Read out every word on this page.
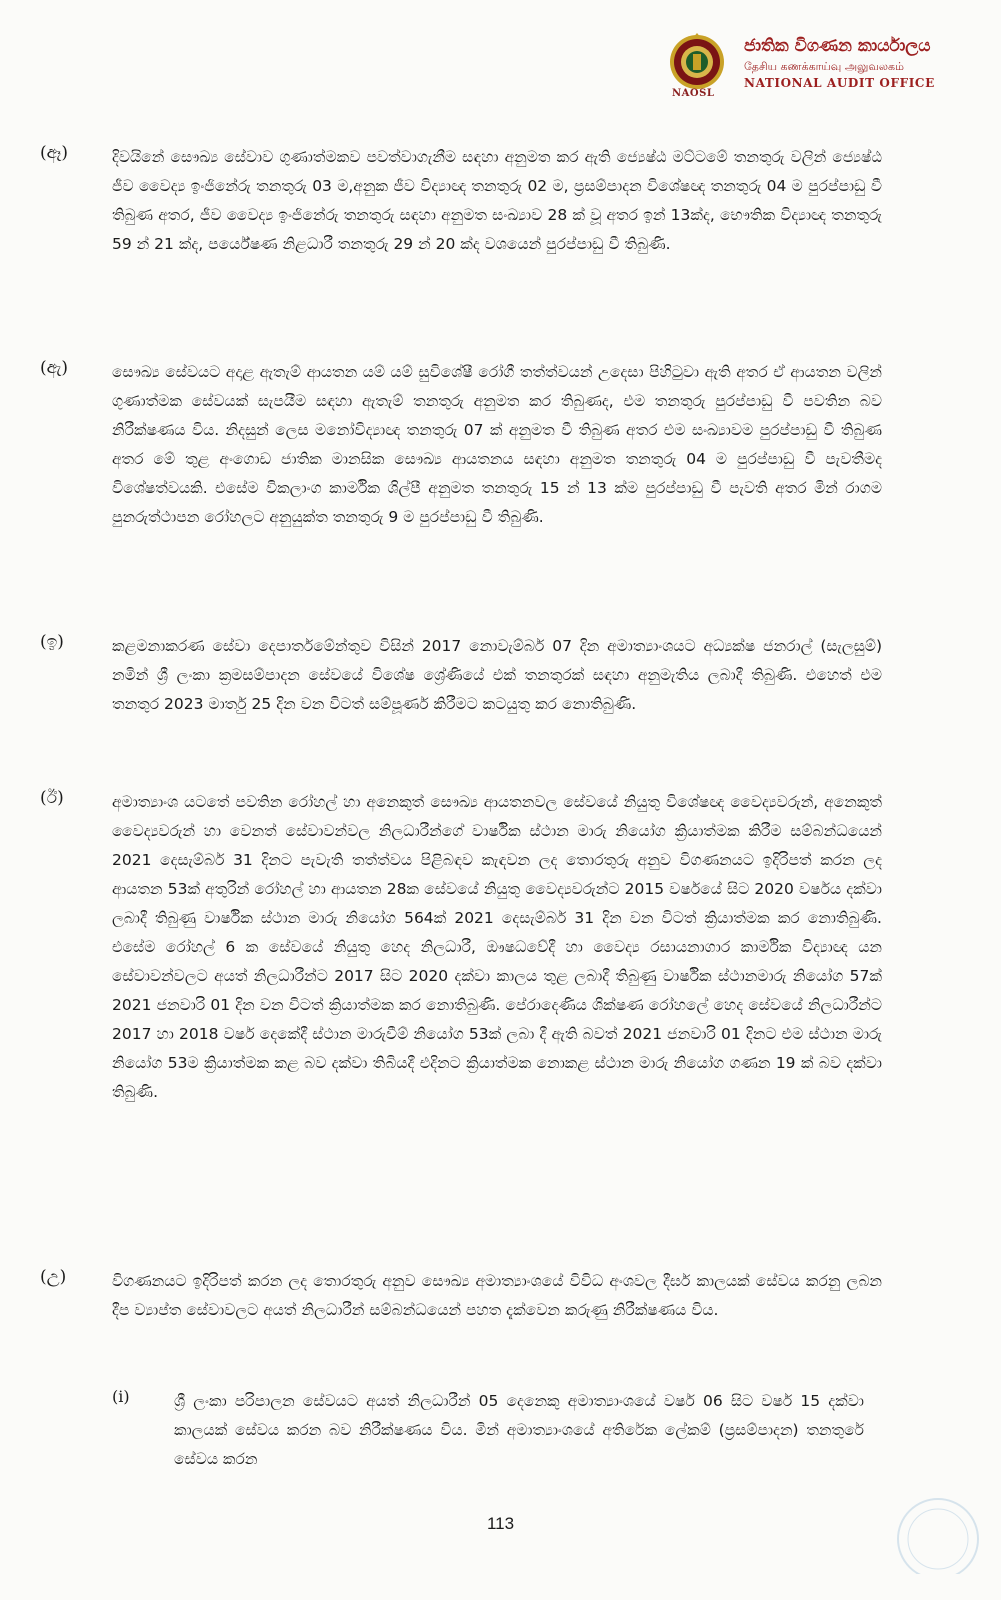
NAOSL
ජාතික විගණන කාර්යාලය
தேசிய கணக்காய்வு அலுவலகம்
NATIONAL AUDIT OFFICE
(ඈ)	දිවයිනේ සෞඛ්‍ය සේවාව ගුණාත්මකව පවත්වාගැනීම සඳහා අනුමත කර ඇති ජ්‍යෙෂ්ඨ මට්ටමේ තනතුරු වලින් ජ්‍යෙෂ්ඨ ජීව වෛද්‍ය ඉංජිනේරු තනතුරු 03 ම,අනුක ජීව විද්‍යාඥ තනතුරු 02 ම, ප්‍රසම්පාදන විශේෂඥ තනතුරු 04 ම පුරප්පාඩු වී තිබුණ අතර, ජීව වෛද්‍ය ඉංජිනේරු තනතුරු සඳහා අනුමත සංඛ්‍යාව 28 ක් වූ අතර ඉන් 13ක්ද, භෞතික විද්‍යාඥ තනතුරු 59 න් 21 ක්ද, පර්යේෂණ නිළධාරී තනතුරු 29 න් 20 ක්ද වශයෙන් පුරප්පාඩු වී තිබුණි.
(ඇ)	සෞඛ්‍ය සේවයට අදාළ ඇතැම් ආයතන යම් යම් සුවිශේෂී රෝගී තත්ත්වයන් උදෙසා පිහිටුවා ඇති අතර ඒ ආයතන වලින් ගුණාත්මක සේවයක් සැපයීම සඳහා ඇතැම් තනතුරු අනුමත කර තිබුණද, එම තනතුරු පුරප්පාඩු වී පවතින බව නිරීක්ෂණය විය. නිදසුන් ලෙස මනෝවිද්‍යාඥ තනතුරු 07 ක් අනුමත වී තිබුණ අතර එම සංඛ්‍යාවම පුරප්පාඩු වී තිබුණ අතර මේ තුළ අංගොඩ ජාතික මානසික සෞඛ්‍ය ආයතනය සඳහා අනුමත තනතුරු 04 ම පුරප්පාඩු වී පැවතීමද විශේෂත්වයකි. එසේම විකලාංග කාර්මික ශිල්පී අනුමත තනතුරු 15 න් 13 ක්ම පුරප්පාඩු වී පැවති අතර මින් රාගම පුනරුත්ථාපන රෝහලට අනුයුක්ත තනතුරු 9 ම පුරප්පාඩු වී තිබුණි.
(ඉ)	කළමනාකරණ සේවා දෙපාර්තමේන්තුව විසින් 2017 නොවැම්බර් 07 දින අමාත්‍යාංශයට අධ්‍යක්ෂ ජනරාල් (සැලසුම්) නමින් ශ්‍රී ලංකා ක්‍රමසම්පාදන සේවයේ විශේෂ ශ්‍රේණියේ එක් තනතුරක් සඳහා අනුමැතිය ලබාදී තිබුණි. එහෙත් එම තනතුර 2023 මාර්තු 25 දින වන විටත් සම්පූර්ණ කිරීමට කටයුතු කර නොතිබුණි.
(ඊ)	අමාත්‍යාංශ යටතේ පවතින රෝහල් හා අනෙකුත් සෞඛ්‍ය ආයතනවල සේවයේ නියුතු විශේෂඥ වෛද්‍යවරුන්, අනෙකුත් වෛද්‍යවරුන් හා වෙනත් සේවාවන්වල නිලධාරීන්ගේ වාර්ෂික ස්ථාන මාරු නියෝග ක්‍රියාත්මක කිරීම සම්බන්ධයෙන් 2021 දෙසැම්බර් 31 දිනට පැවැති තත්ත්වය පිළිබඳව කැඳවන ලද තොරතුරු අනුව විගණනයට ඉදිරිපත් කරන ලද ආයතන 53ක් අතුරින් රෝහල් හා ආයතන 28ක සේවයේ නියුතු වෛද්‍යවරුන්ට 2015 වර්ෂයේ සිට 2020 වර්ෂය දක්වා ලබාදී තිබුණු වාර්ෂික ස්ථාන මාරු නියෝග 564ක් 2021 දෙසැම්බර් 31 දින වන විටත් ක්‍රියාත්මක කර නොතිබුණි. එසේම රෝහල් 6 ක සේවයේ නියුතු හෙද නිලධාරී, ඖෂධවේදී හා වෛද්‍ය රසායනාගාර කාර්මික විද්‍යාඥ යන සේවාවන්වලට අයත් නිලධාරීන්ට 2017 සිට 2020 දක්වා කාලය තුළ ලබාදී තිබුණු වාර්ෂික ස්ථානමාරු නියෝග 57ක් 2021 ජනවාරි 01 දින වන විටත් ක්‍රියාත්මක කර නොතිබුණි. පේරාදෙණිය ශික්ෂණ රෝහලේ හෙද සේවයේ නිලධාරීන්ට 2017 හා 2018 වර්ෂ දෙකේදී ස්ථාන මාරුවීම් නියෝග 53ක් ලබා දී ඇති බවත් 2021 ජනවාරි 01 දිනට එම ස්ථාන මාරු නියෝග 53ම ක්‍රියාත්මක කළ බව දක්වා තිබියදී එදිනට ක්‍රියාත්මක නොකළ ස්ථාන මාරු නියෝග ගණන 19 ක් බව දක්වා තිබුණි.
(උ)	විගණනයට ඉදිරිපත් කරන ලද තොරතුරු අනුව සෞඛ්‍ය අමාත්‍යාංශයේ විවිධ අංශවල දීර්ඝ කාලයක් සේවය කරනු ලබන දීප ව්‍යාප්ත සේවාවලට අයත් නිලධාරීන් සම්බන්ධයෙන් පහත දැක්වෙන කරුණු නිරීක්ෂණය විය.
(i)	ශ්‍රී ලංකා පරිපාලන සේවයට අයත් නිලධාරීන් 05 දෙනෙකු අමාත්‍යාංශයේ වර්ෂ 06 සිට වර්ෂ 15 දක්වා කාලයක් සේවය කරන බව නිරීක්ෂණය විය. මින් අමාත්‍යාංශයේ අතිරේක ලේකම් (ප්‍රසම්පාදන) තනතුරේ සේවය කරන
113
